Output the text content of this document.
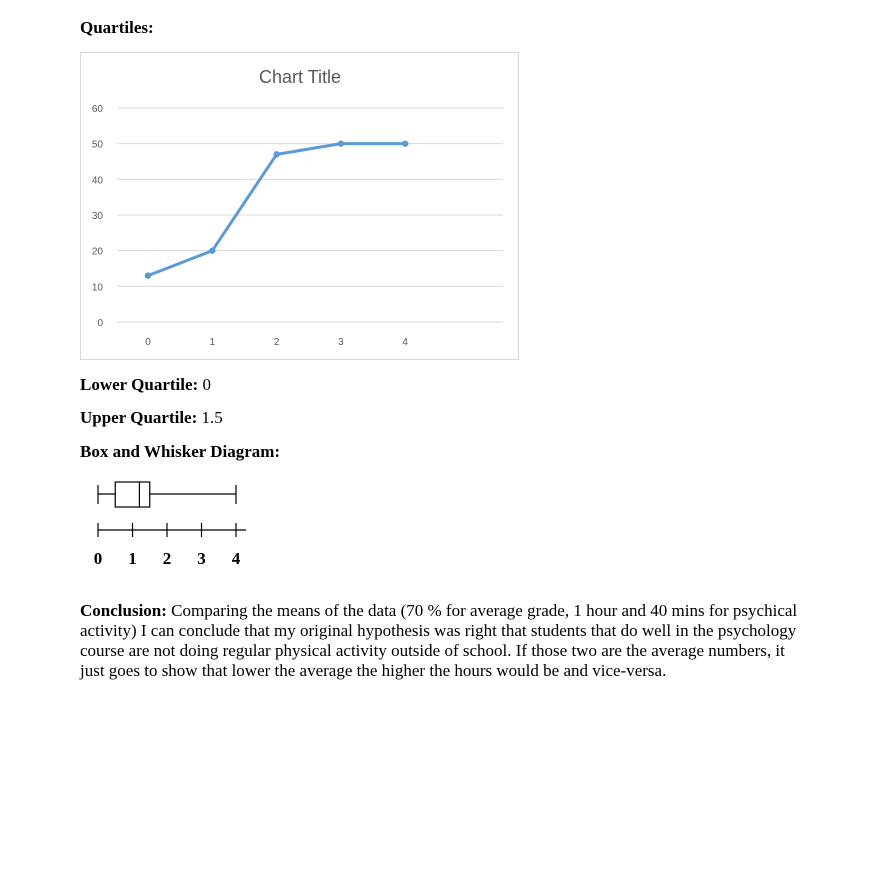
Quartiles:
Chart Title
0
10
20
30
40
50
60
0	1	2	3	4
Lower Quartile: 0
Upper Quartile: 1.5
Box and Whisker Diagram:
0 1 2 3 4
Conclusion: Comparing the means of the data (70 % for average grade, 1 hour and 40 mins for psychical activity) I can conclude that my original hypothesis was right that students that do well in the psychology course are not doing regular physical activity outside of school. If those two are the average numbers, it just goes to show that lower the average the higher the hours would be and vice-versa.
